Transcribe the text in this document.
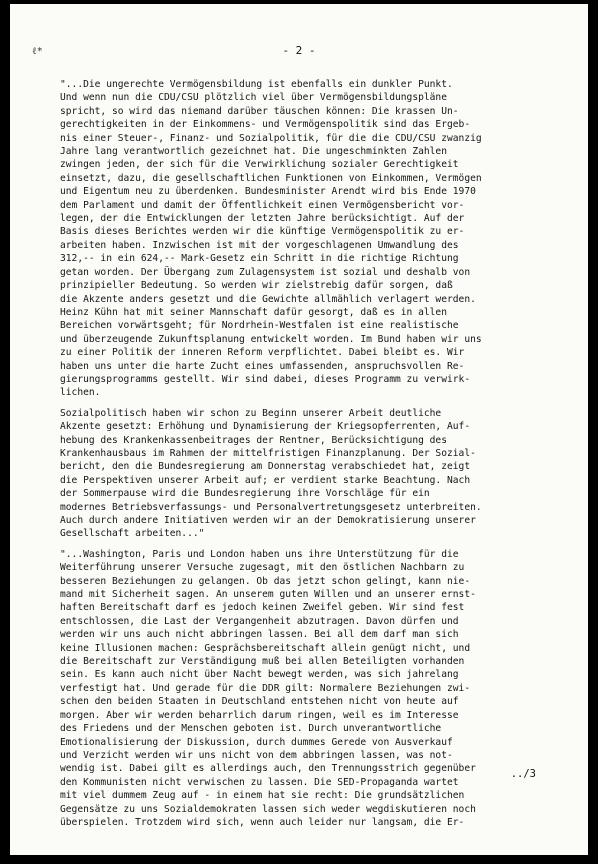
ℓ*	- 2 -
"...Die ungerechte Vermögensbildung ist ebenfalls ein dunkler Punkt.
Und wenn nun die CDU/CSU plötzlich viel über Vermögensbildungspläne
spricht, so wird das niemand darüber täuschen können: Die krassen Un-
gerechtigkeiten in der Einkommens- und Vermögenspolitik sind das Ergeb-
nis einer Steuer-, Finanz- und Sozialpolitik, für die die CDU/CSU zwanzig
Jahre lang verantwortlich gezeichnet hat. Die ungeschminkten Zahlen
zwingen jeden, der sich für die Verwirklichung sozialer Gerechtigkeit
einsetzt, dazu, die gesellschaftlichen Funktionen von Einkommen, Vermögen
und Eigentum neu zu überdenken. Bundesminister Arendt wird bis Ende 1970
dem Parlament und damit der Öffentlichkeit einen Vermögensbericht vor-
legen, der die Entwicklungen der letzten Jahre berücksichtigt. Auf der
Basis dieses Berichtes werden wir die künftige Vermögenspolitik zu er-
arbeiten haben. Inzwischen ist mit der vorgeschlagenen Umwandlung des
312,-- in ein 624,-- Mark-Gesetz ein Schritt in die richtige Richtung
getan worden. Der Übergang zum Zulagensystem ist sozial und deshalb von
prinzipieller Bedeutung. So werden wir zielstrebig dafür sorgen, daß
die Akzente anders gesetzt und die Gewichte allmählich verlagert werden.
Heinz Kühn hat mit seiner Mannschaft dafür gesorgt, daß es in allen
Bereichen vorwärtsgeht; für Nordrhein-Westfalen ist eine realistische
und überzeugende Zukunftsplanung entwickelt worden. Im Bund haben wir uns
zu einer Politik der inneren Reform verpflichtet. Dabei bleibt es. Wir
haben uns unter die harte Zucht eines umfassenden, anspruchsvollen Re-
gierungsprogramms gestellt. Wir sind dabei, dieses Programm zu verwirk-
lichen.
Sozialpolitisch haben wir schon zu Beginn unserer Arbeit deutliche
Akzente gesetzt: Erhöhung und Dynamisierung der Kriegsopferrenten, Auf-
hebung des Krankenkassenbeitrages der Rentner, Berücksichtigung des
Krankenhausbaus im Rahmen der mittelfristigen Finanzplanung. Der Sozial-
bericht, den die Bundesregierung am Donnerstag verabschiedet hat, zeigt
die Perspektiven unserer Arbeit auf; er verdient starke Beachtung. Nach
der Sommerpause wird die Bundesregierung ihre Vorschläge für ein
modernes Betriebsverfassungs- und Personalvertretungsgesetz unterbreiten.
Auch durch andere Initiativen werden wir an der Demokratisierung unserer
Gesellschaft arbeiten..."
"...Washington, Paris und London haben uns ihre Unterstützung für die
Weiterführung unserer Versuche zugesagt, mit den östlichen Nachbarn zu
besseren Beziehungen zu gelangen. Ob das jetzt schon gelingt, kann nie-
mand mit Sicherheit sagen. An unserem guten Willen und an unserer ernst-
haften Bereitschaft darf es jedoch keinen Zweifel geben. Wir sind fest
entschlossen, die Last der Vergangenheit abzutragen. Davon dürfen und
werden wir uns auch nicht abbringen lassen. Bei all dem darf man sich
keine Illusionen machen: Gesprächsbereitschaft allein genügt nicht, und
die Bereitschaft zur Verständigung muß bei allen Beteiligten vorhanden
sein. Es kann auch nicht über Nacht bewegt werden, was sich jahrelang
verfestigt hat. Und gerade für die DDR gilt: Normalere Beziehungen zwi-
schen den beiden Staaten in Deutschland entstehen nicht von heute auf
morgen. Aber wir werden beharrlich darum ringen, weil es im Interesse
des Friedens und der Menschen geboten ist. Durch unverantwortliche
Emotionalisierung der Diskussion, durch dummes Gerede von Ausverkauf
und Verzicht werden wir uns nicht von dem abbringen lassen, was not-
wendig ist. Dabei gilt es allerdings auch, den Trennungsstrich gegenüber
den Kommunisten nicht verwischen zu lassen. Die SED-Propaganda wartet
mit viel dummem Zeug auf - in einem hat sie recht: Die grundsätzlichen
Gegensätze zu uns Sozialdemokraten lassen sich weder wegdiskutieren noch
überspielen. Trotzdem wird sich, wenn auch leider nur langsam, die Er-
../3
